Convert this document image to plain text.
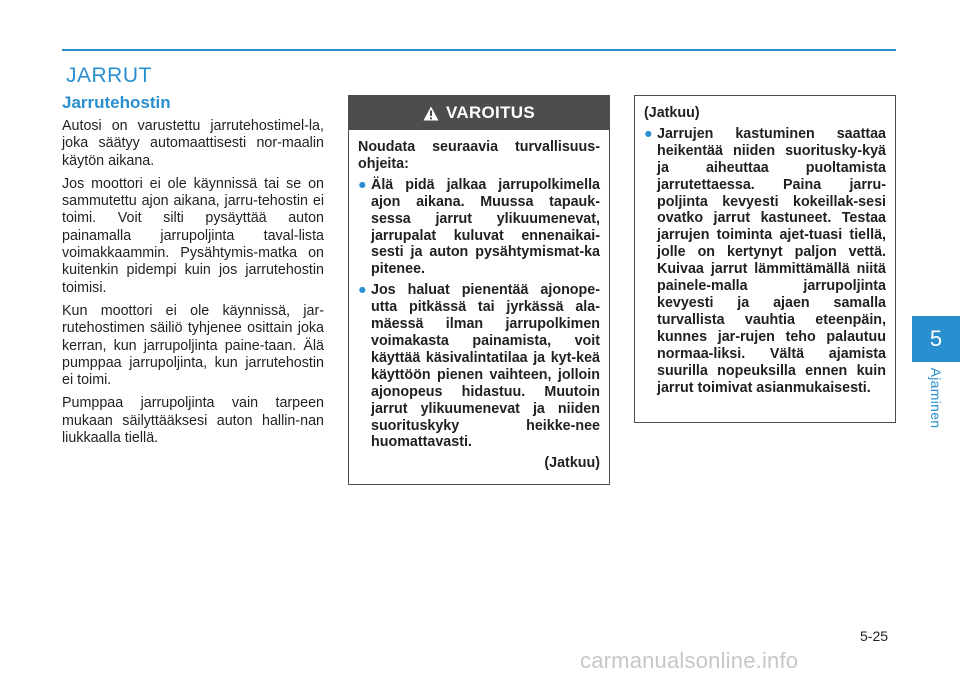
JARRUT
Jarrutehostin

Autosi on varustettu jarrutehostimel-la, joka säätyy automaattisesti nor-maalin käytön aikana.

Jos moottori ei ole käynnissä tai se on sammutettu ajon aikana, jarru-tehostin ei toimi. Voit silti pysäyttää auton painamalla jarrupoljinta taval-lista voimakkaammin. Pysähtymis-matka on kuitenkin pidempi kuin jos jarrutehostin toimisi.

Kun moottori ei ole käynnissä, jar-rutehostimen säiliö tyhjenee osittain joka kerran, kun jarrupoljinta paine-taan. Älä pumppaa jarrupoljinta, kun jarrutehostin ei toimi.

Pumppaa jarrupoljinta vain tarpeen mukaan säilyttääksesi auton hallin-nan liukkaalla tiellä.

VAROITUS

Noudata seuraavia turvallisuus-ohjeita:

● Älä pidä jalkaa jarrupolkimella ajon aikana. Muussa tapauk-sessa jarrut ylikuumenevat, jarrupalat kuluvat ennenaikai-sesti ja auton pysähtymismat-ka pitenee.
● Jos haluat pienentää ajonope-utta pitkässä tai jyrkässä ala-mäessä ilman jarrupolkimen voimakasta painamista, voit käyttää käsivalintatilaa ja kyt-keä käyttöön pienen vaihteen, jolloin ajonopeus hidastuu. Muutoin jarrut ylikuumenevat ja niiden suorituskyky heikke-nee huomattavasti.
(Jatkuu)

(Jatkuu)

● Jarrujen kastuminen saattaa heikentää niiden suoritusky-kyä ja aiheuttaa puoltamista jarrutettaessa. Paina jarru-poljinta kevyesti kokeillak-sesi ovatko jarrut kastuneet. Testaa jarrujen toiminta ajet-tuasi tiellä, jolle on kertynyt paljon vettä. Kuivaa jarrut lämmittämällä niitä painele-malla jarrupoljinta kevyesti ja ajaen samalla turvallista vauhtia eteenpäin, kunnes jar-rujen teho palautuu normaa-liksi. Vältä ajamista suurilla nopeuksilla ennen kuin jarrut toimivat asianmukaisesti.
5
Ajaminen
5-25
carmanualsonline.info
